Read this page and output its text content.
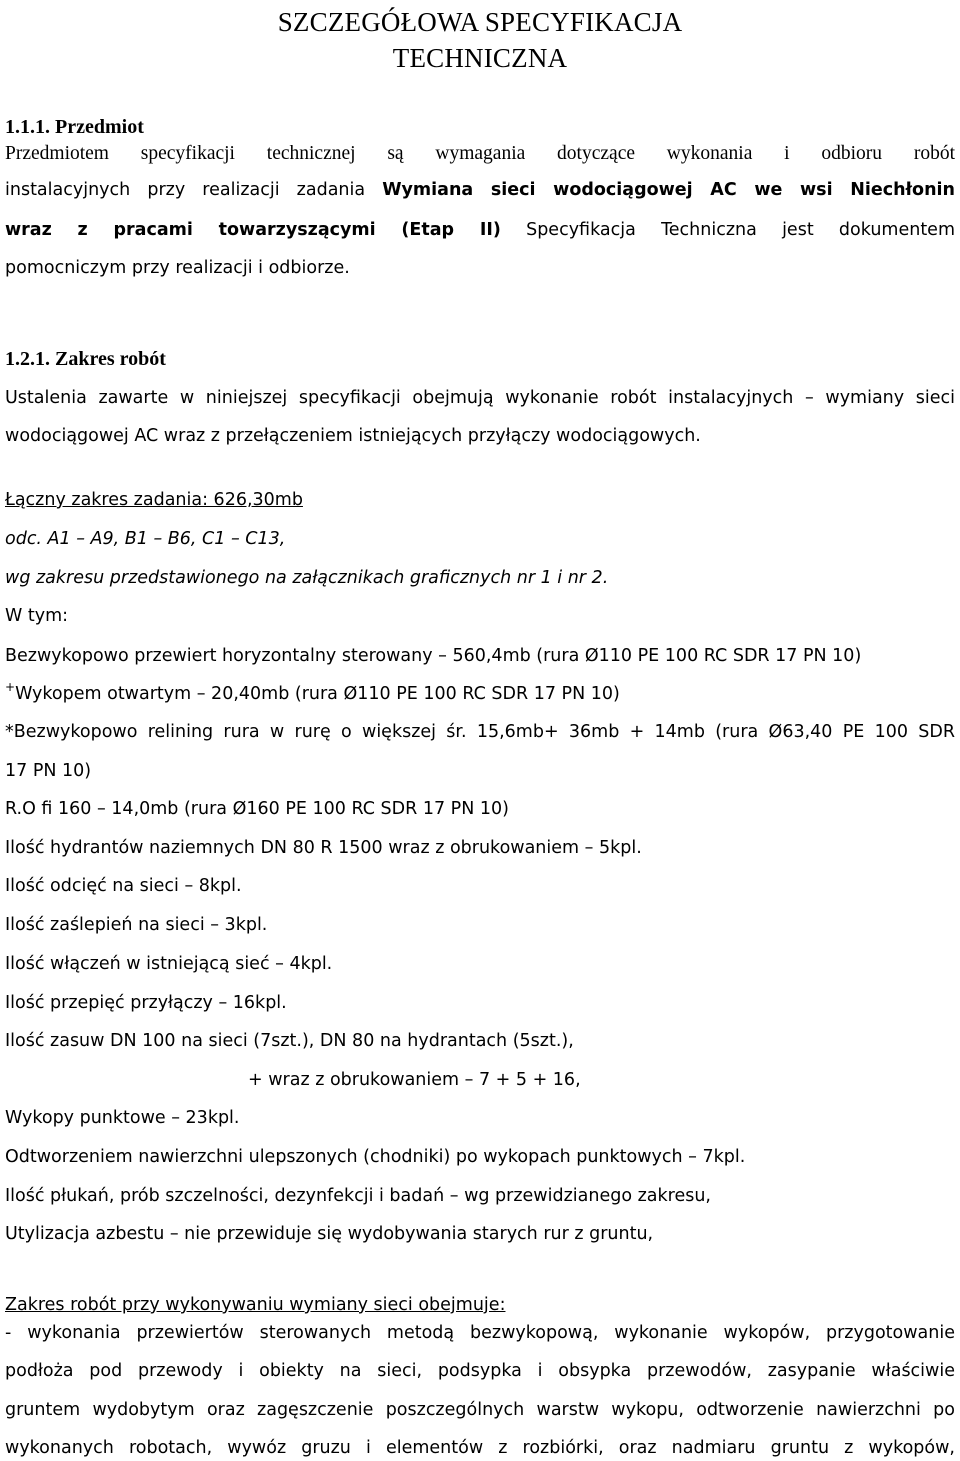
SZCZEGÓŁOWA SPECYFIKACJA
TECHNICZNA
1.1.1. Przedmiot
Przedmiotem specyfikacji technicznej są wymagania dotyczące wykonania i odbioru robót
instalacyjnych przy realizacji zadania Wymiana sieci wodociągowej AC we wsi Niechłonin
wraz z pracami towarzyszącymi (Etap II) Specyfikacja Techniczna jest dokumentem
pomocniczym przy realizacji i odbiorze.
1.2.1. Zakres robót
Ustalenia zawarte w niniejszej specyfikacji obejmują wykonanie robót instalacyjnych – wymiany sieci
wodociągowej AC wraz z przełączeniem istniejących przyłączy wodociągowych.
Łączny zakres zadania: 626,30mb
odc. A1 – A9, B1 – B6, C1 – C13,
wg zakresu przedstawionego na załącznikach graficznych nr 1 i nr 2.
W tym:
Bezwykopowo przewiert horyzontalny sterowany – 560,4mb (rura Ø110 PE 100 RC SDR 17 PN 10)
+Wykopem otwartym – 20,40mb (rura Ø110 PE 100 RC SDR 17 PN 10)
*Bezwykopowo relining rura w rurę o większej śr. 15,6mb+ 36mb + 14mb (rura Ø63,40 PE 100 SDR
17 PN 10)
R.O fi 160 – 14,0mb (rura Ø160 PE 100 RC SDR 17 PN 10)
Ilość hydrantów naziemnych DN 80 R 1500 wraz z obrukowaniem – 5kpl.
Ilość odcięć na sieci – 8kpl.
Ilość zaślepień na sieci – 3kpl.
Ilość włączeń w istniejącą sieć – 4kpl.
Ilość przepięć przyłączy – 16kpl.
Ilość zasuw DN 100 na sieci (7szt.), DN 80 na hydrantach (5szt.),
+ wraz z obrukowaniem – 7 + 5 + 16,
Wykopy punktowe – 23kpl.
Odtworzeniem nawierzchni ulepszonych (chodniki) po wykopach punktowych – 7kpl.
Ilość płukań, prób szczelności, dezynfekcji i badań – wg przewidzianego zakresu,
Utylizacja azbestu – nie przewiduje się wydobywania starych rur z gruntu,
Zakres robót przy wykonywaniu wymiany sieci obejmuje:
- wykonania przewiertów sterowanych metodą bezwykopową, wykonanie wykopów, przygotowanie
podłoża pod przewody i obiekty na sieci, podsypka i obsypka przewodów, zasypanie właściwie
gruntem wydobytym oraz zagęszczenie poszczególnych warstw wykopu, odtworzenie nawierzchni po
wykonanych robotach, wywóz gruzu i elementów z rozbiórki, oraz nadmiaru gruntu z wykopów,
